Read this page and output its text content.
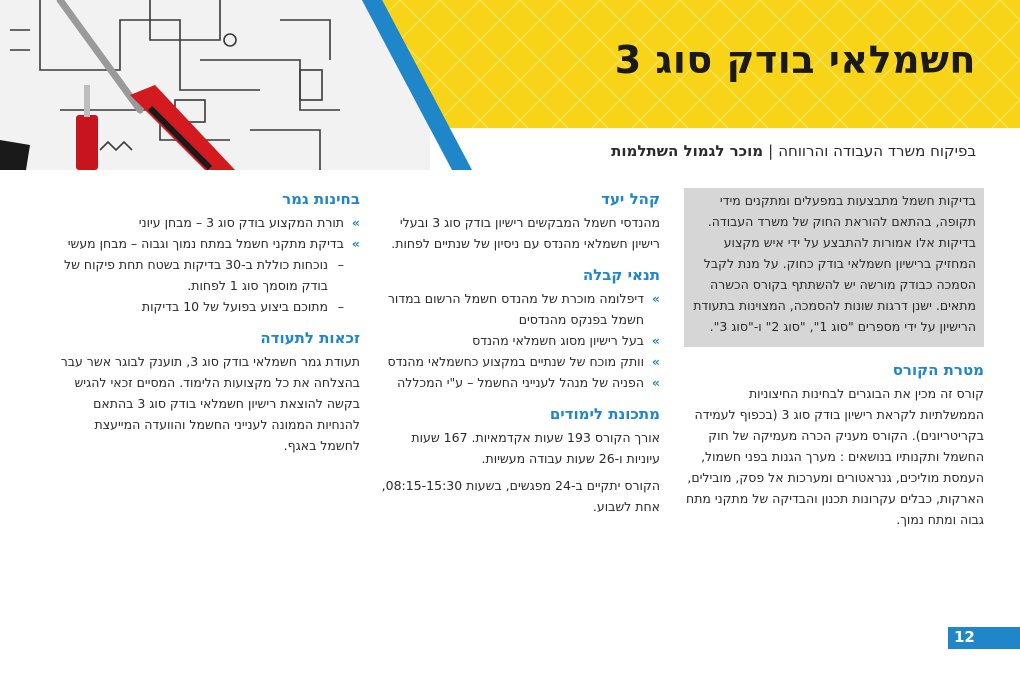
חשמלאי בודק סוג 3
בפיקוח משרד העבודה והרווחה|מוכר לגמול השתלמות

בדיקות חשמל מתבצעות במפעלים ומתקנים מידי תקופה, בהתאם להוראת החוק של משרד העבודה. בדיקות אלו אמורות להתבצע על ידי איש מקצוע המחזיק ברישיון חשמלאי בודק כחוק. על מנת לקבל הסמכה כבודק מורשה יש להשתתף בקורס הכשרה מתאים. ישנן דרגות שונות להסמכה, המצוינות בתעודת הרישיון על ידי מספרים "סוג 1", "סוג 2" ו-"סוג 3".

מטרת הקורס

קורס זה מכין את הבוגרים לבחינות החיצוניות הממשלתיות לקראת רישיון בודק סוג 3 (בכפוף לעמידה בקריטריונים). הקורס מעניק הכרה מעמיקה של חוק החשמל ותקנותיו בנושאים : מערך הגנות בפני חשמול, העמסת מוליכים, גנראטורים ומערכות אל פסק, מובילים, הארקות, כבלים עקרונות תכנון והבדיקה של מתקני מתח גבוה ומתח נמוך.

קהל יעד

מהנדסי חשמל המבקשים רישיון בודק סוג 3 ובעלי רישיון חשמלאי מהנדס עם ניסיון של שנתיים לפחות.

תנאי קבלה
» דיפלומה מוכרת של מהנדס חשמל הרשום במדור חשמל בפנקס מהנדסים
» בעל רישיון מסוג חשמלאי מהנדס
» וותק מוכח של שנתיים במקצוע כחשמלאי מהנדס
» הפניה של מנהל לענייני החשמל – ע"י המכללה
מתכונת לימודים

אורך הקורס 193 שעות אקדמאיות. 167 שעות עיוניות ו-26 שעות עבודה מעשיות.

הקורס יתקיים ב-24 מפגשים, בשעות 08:15-15:30, אחת לשבוע.

בחינות גמר
» תורת המקצוע בודק סוג 3 – מבחן עיוני
» בדיקת מתקני חשמל במתח נמוך וגבוה – מבחן מעשי
– נוכחות כוללת ב-30 בדיקות בשטח תחת פיקוח של בודק מוסמך סוג 1 לפחות.
– מתוכם ביצוע בפועל של 10 בדיקות
זכאות לתעודה

תעודת גמר חשמלאי בודק סוג 3, תוענק לבוגר אשר עבר בהצלחה את כל מקצועות הלימוד. המסיים זכאי להגיש בקשה להוצאת רישיון חשמלאי בודק סוג 3 בהתאם להנחיות הממונה לענייני החשמל והוועדה המייעצת לחשמל באגף.

12
